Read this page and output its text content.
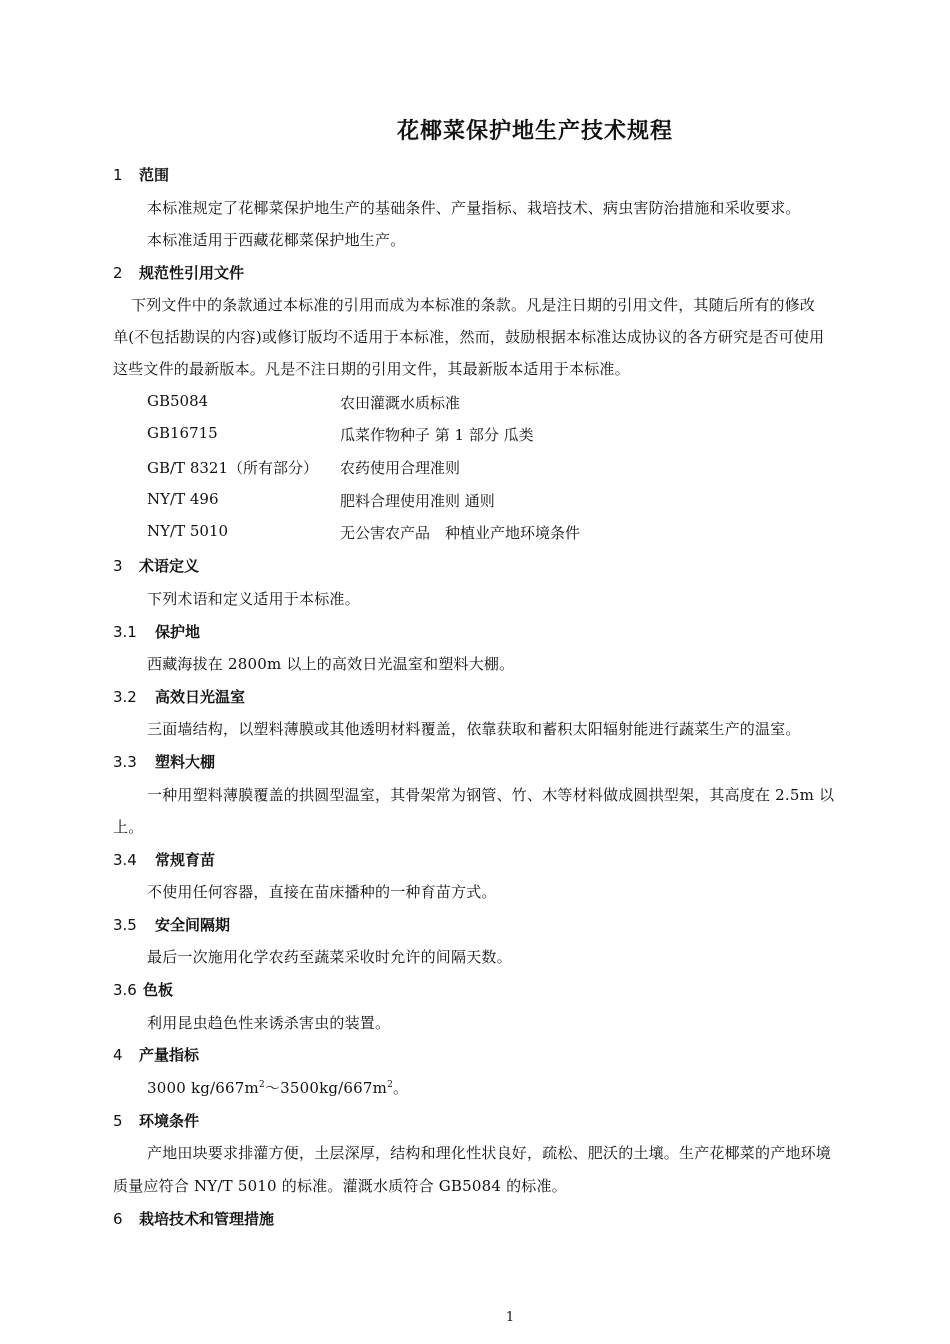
花椰菜保护地生产技术规程
1 范围
本标准规定了花椰菜保护地生产的基础条件、产量指标、栽培技术、病虫害防治措施和采收要求。
本标准适用于西藏花椰菜保护地生产。
2 规范性引用文件
下列文件中的条款通过本标准的引用而成为本标准的条款。凡是注日期的引用文件，其随后所有的修改
单(不包括勘误的内容)或修订版均不适用于本标准，然而，鼓励根据本标准达成协议的各方研究是否可使用
这些文件的最新版本。凡是不注日期的引用文件，其最新版本适用于本标准。
GB5084	农田灌溉水质标准
GB16715	瓜菜作物种子 第 1 部分 瓜类
GB/T 8321（所有部分） 农药使用合理准则
NY/T 496	肥料合理使用准则 通则
NY/T 5010	无公害农产品　种植业产地环境条件
3 术语定义
下列术语和定义适用于本标准。
3.1 保护地
西藏海拔在 2800m 以上的高效日光温室和塑料大棚。
3.2 高效日光温室
三面墙结构，以塑料薄膜或其他透明材料覆盖，依靠获取和蓄积太阳辐射能进行蔬菜生产的温室。
3.3 塑料大棚
一种用塑料薄膜覆盖的拱圆型温室，其骨架常为钢管、竹、木等材料做成圆拱型架，其高度在 2.5m 以
上。
3.4 常规育苗
不使用任何容器，直接在苗床播种的一种育苗方式。
3.5 安全间隔期
最后一次施用化学农药至蔬菜采收时允许的间隔天数。
3.6 色板
利用昆虫趋色性来诱杀害虫的装置。
4 产量指标
3000 $kg/667m^2\sim 3500kg/667m^2$。
5 环境条件
产地田块要求排灌方便，土层深厚，结构和理化性状良好，疏松、肥沃的土壤。生产花椰菜的产地环境
质量应符合 NY/T 5010 的标准。灌溉水质符合 GB5084 的标准。
6 栽培技术和管理措施
1
